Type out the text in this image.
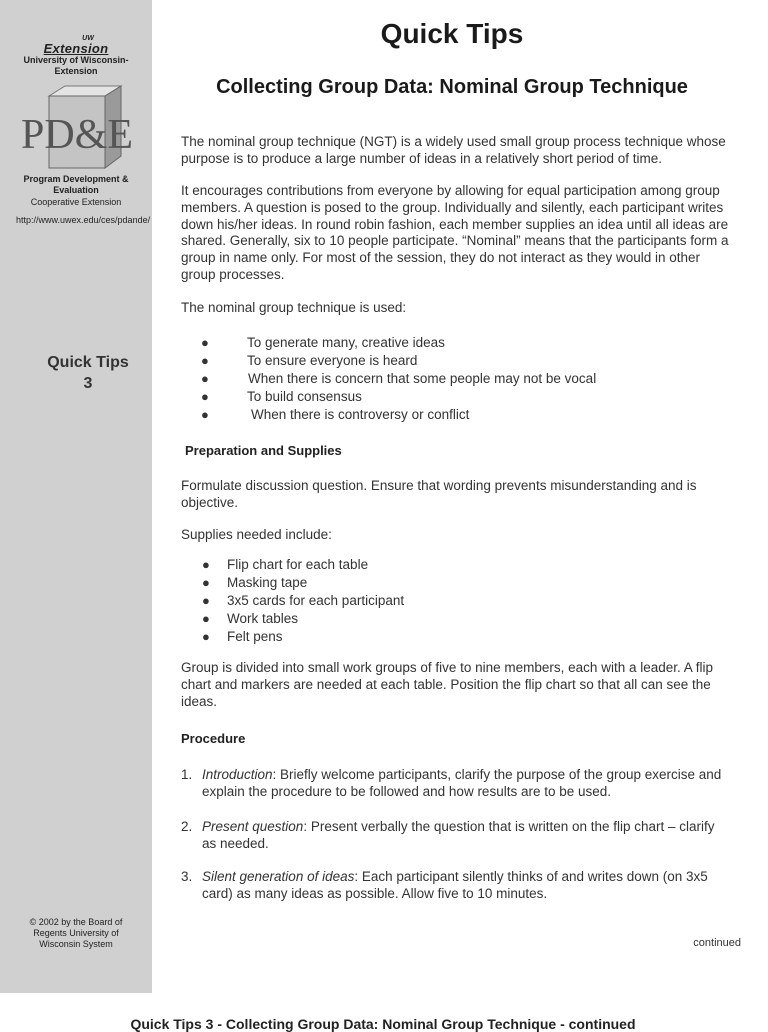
UW
Extension
University of Wisconsin-Extension
PD&E
Program Development & Evaluation
Cooperative Extension
http://www.uwex.edu/ces/pdande/
Quick Tips
3
© 2002 by the Board of Regents University of Wisconsin System
Quick Tips
Collecting Group Data: Nominal Group Technique

The nominal group technique (NGT) is a widely used small group process technique whose purpose is to produce a large number of ideas in a relatively short period of time.

It encourages contributions from everyone by allowing for equal participation among group members. A question is posed to the group. Individually and silently, each participant writes down his/her ideas. In round robin fashion, each member supplies an idea until all ideas are shared. Generally, six to 10 people participate. “Nominal” means that the participants form a group in name only. For most of the session, they do not interact as they would in other group processes.

The nominal group technique is used:

●	To generate many, creative ideas
●	To ensure everyone is heard
●	When there is concern that some people may not be vocal
●	To build consensus
●	When there is controversy or conflict
Preparation and Supplies

Formulate discussion question. Ensure that wording prevents misunderstanding and is objective.

Supplies needed include:

● Flip chart for each table
● Masking tape
● 3x5 cards for each participant
● Work tables
● Felt pens

Group is divided into small work groups of five to nine members, each with a leader. A flip chart and markers are needed at each table. Position the flip chart so that all can see the ideas.

Procedure
1. Introduction: Briefly welcome participants, clarify the purpose of the group exercise and explain the procedure to be followed and how results are to be used.
2. Present question: Present verbally the question that is written on the flip chart – clarify as needed.
3. Silent generation of ideas: Each participant silently thinks of and writes down (on 3x5 card) as many ideas as possible. Allow five to 10 minutes.
continued
Quick Tips 3 - Collecting Group Data: Nominal Group Technique - continued
